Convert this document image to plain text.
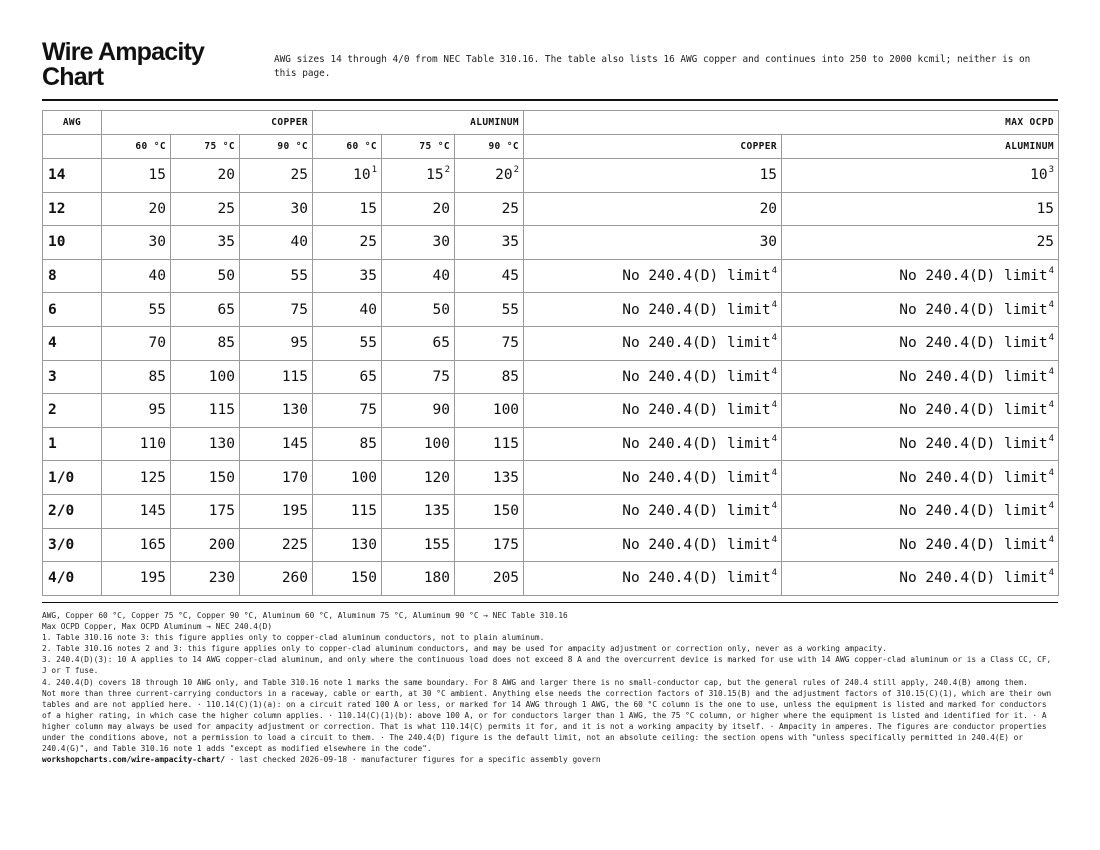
Wire Ampacity Chart
AWG sizes 14 through 4/0 from NEC Table 310.16. The table also lists 16 AWG copper and continues into 250 to 2000 kcmil; neither is on this page.
AWG	COPPER			ALUMINUM			MAX OCPD	
	60 °C	75 °C	90 °C	60 °C	75 °C	90 °C	COPPER	ALUMINUM
14	15	20	25	$10^1$	$15^2$	$20^2$	15	$10^3$
12	20	25	30	15	20	25	20	15
10	30	35	40	25	30	35	30	25
8	40	50	55	35	40	45	No 240.4(D) limit$^4$	No 240.4(D) limit$^4$
6	55	65	75	40	50	55	No 240.4(D) limit$^4$	No 240.4(D) limit$^4$
4	70	85	95	55	65	75	No 240.4(D) limit$^4$	No 240.4(D) limit$^4$
3	85	100	115	65	75	85	No 240.4(D) limit$^4$	No 240.4(D) limit$^4$
2	95	115	130	75	90	100	No 240.4(D) limit$^4$	No 240.4(D) limit$^4$
1	110	130	145	85	100	115	No 240.4(D) limit$^4$	No 240.4(D) limit$^4$
1/0	125	150	170	100	120	135	No 240.4(D) limit$^4$	No 240.4(D) limit$^4$
2/0	145	175	195	115	135	150	No 240.4(D) limit$^4$	No 240.4(D) limit$^4$
3/0	165	200	225	130	155	175	No 240.4(D) limit$^4$	No 240.4(D) limit$^4$
4/0	195	230	260	150	180	205	No 240.4(D) limit$^4$	No 240.4(D) limit$^4$

AWG, Copper 60 °C, Copper 75 °C, Copper 90 °C, Aluminum 60 °C, Aluminum 75 °C, Aluminum 90 °C → NEC Table 310.16

Max OCPD Copper, Max OCPD Aluminum → NEC 240.4(D)

1. Table 310.16 note 3: this figure applies only to copper-clad aluminum conductors, not to plain aluminum.

2. Table 310.16 notes 2 and 3: this figure applies only to copper-clad aluminum conductors, and may be used for ampacity adjustment or correction only, never as a working ampacity.

3. 240.4(D)(3): 10 A applies to 14 AWG copper-clad aluminum, and only where the continuous load does not exceed 8 A and the overcurrent device is marked for use with 14 AWG copper-clad aluminum or is a Class CC, CF, J or T fuse.

4. 240.4(D) covers 18 through 10 AWG only, and Table 310.16 note 1 marks the same boundary. For 8 AWG and larger there is no small-conductor cap, but the general rules of 240.4 still apply, 240.4(B) among them.

Not more than three current-carrying conductors in a raceway, cable or earth, at 30 °C ambient. Anything else needs the correction factors of 310.15(B) and the adjustment factors of 310.15(C)(1), which are their own tables and are not applied here. · 110.14(C)(1)(a): on a circuit rated 100 A or less, or marked for 14 AWG through 1 AWG, the 60 °C column is the one to use, unless the equipment is listed and marked for conductors of a higher rating, in which case the higher column applies. · 110.14(C)(1)(b): above 100 A, or for conductors larger than 1 AWG, the 75 °C column, or higher where the equipment is listed and identified for it. · A higher column may always be used for ampacity adjustment or correction. That is what 110.14(C) permits it for, and it is not a working ampacity by itself. · Ampacity in amperes. The figures are conductor properties under the conditions above, not a permission to load a circuit to them. · The 240.4(D) figure is the default limit, not an absolute ceiling: the section opens with "unless specifically permitted in 240.4(E) or 240.4(G)", and Table 310.16 note 1 adds "except as modified elsewhere in the code".

workshopcharts.com/wire-ampacity-chart/ · last checked 2026-09-18 · manufacturer figures for a specific assembly govern
